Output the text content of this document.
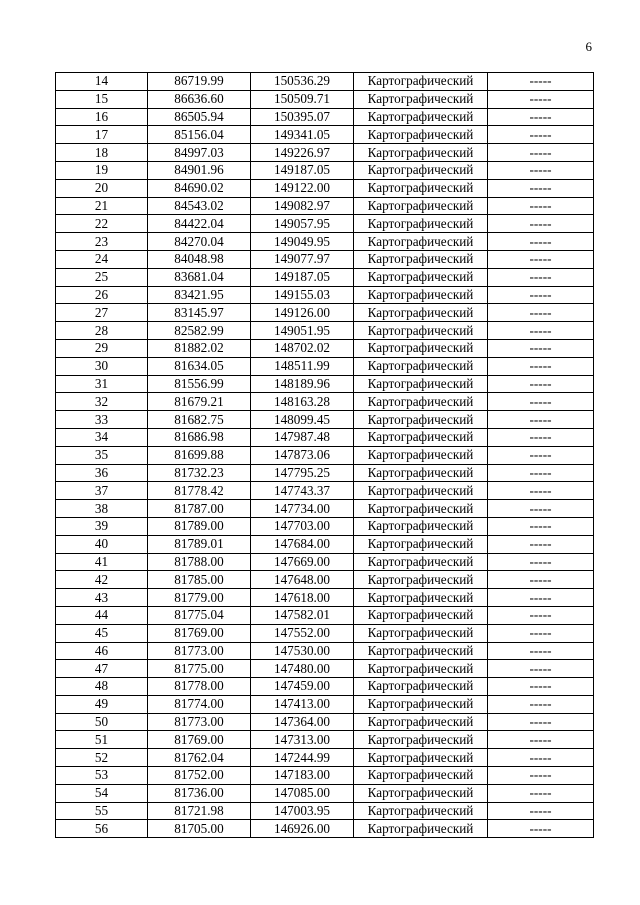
6
14	86719.99	150536.29	Картографический	-----
15	86636.60	150509.71	Картографический	-----
16	86505.94	150395.07	Картографический	-----
17	85156.04	149341.05	Картографический	-----
18	84997.03	149226.97	Картографический	-----
19	84901.96	149187.05	Картографический	-----
20	84690.02	149122.00	Картографический	-----
21	84543.02	149082.97	Картографический	-----
22	84422.04	149057.95	Картографический	-----
23	84270.04	149049.95	Картографический	-----
24	84048.98	149077.97	Картографический	-----
25	83681.04	149187.05	Картографический	-----
26	83421.95	149155.03	Картографический	-----
27	83145.97	149126.00	Картографический	-----
28	82582.99	149051.95	Картографический	-----
29	81882.02	148702.02	Картографический	-----
30	81634.05	148511.99	Картографический	-----
31	81556.99	148189.96	Картографический	-----
32	81679.21	148163.28	Картографический	-----
33	81682.75	148099.45	Картографический	-----
34	81686.98	147987.48	Картографический	-----
35	81699.88	147873.06	Картографический	-----
36	81732.23	147795.25	Картографический	-----
37	81778.42	147743.37	Картографический	-----
38	81787.00	147734.00	Картографический	-----
39	81789.00	147703.00	Картографический	-----
40	81789.01	147684.00	Картографический	-----
41	81788.00	147669.00	Картографический	-----
42	81785.00	147648.00	Картографический	-----
43	81779.00	147618.00	Картографический	-----
44	81775.04	147582.01	Картографический	-----
45	81769.00	147552.00	Картографический	-----
46	81773.00	147530.00	Картографический	-----
47	81775.00	147480.00	Картографический	-----
48	81778.00	147459.00	Картографический	-----
49	81774.00	147413.00	Картографический	-----
50	81773.00	147364.00	Картографический	-----
51	81769.00	147313.00	Картографический	-----
52	81762.04	147244.99	Картографический	-----
53	81752.00	147183.00	Картографический	-----
54	81736.00	147085.00	Картографический	-----
55	81721.98	147003.95	Картографический	-----
56	81705.00	146926.00	Картографический	-----
